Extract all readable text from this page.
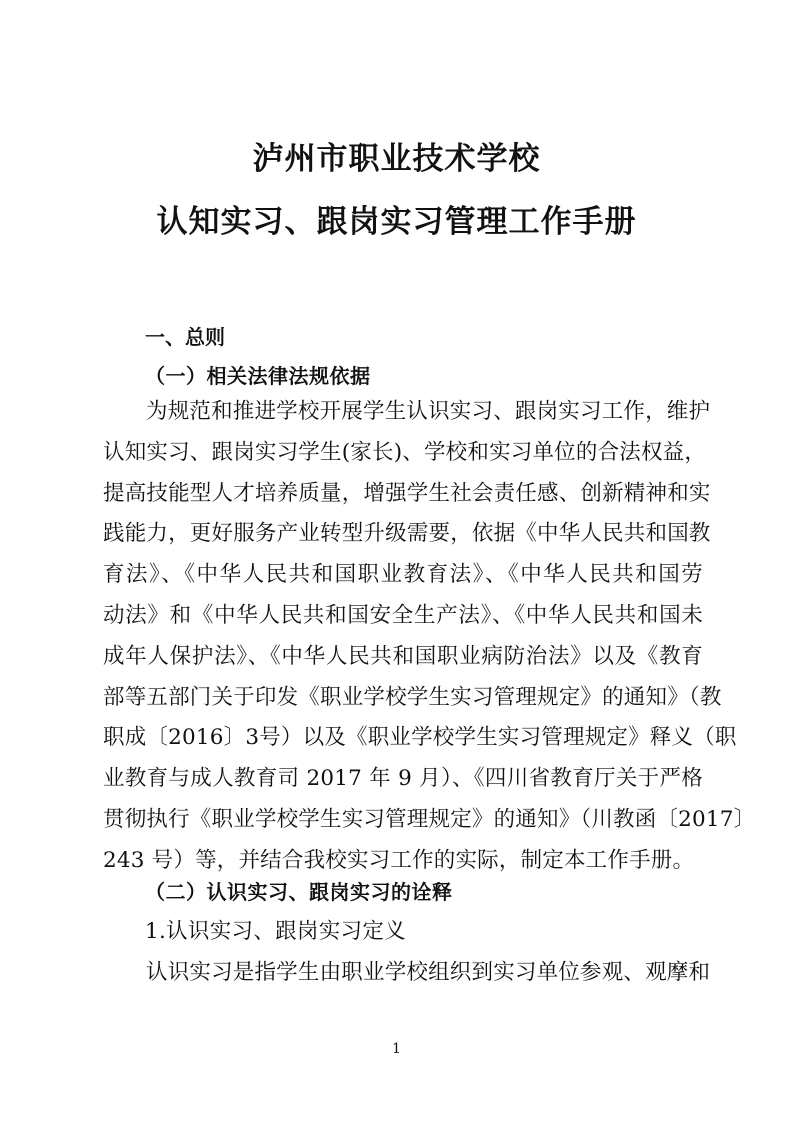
泸州市职业技术学校
认知实习、跟岗实习管理工作手册
一、总则
（一）相关法律法规依据
为规范和推进学校开展学生认识实习、跟岗实习工作，维护
认知实习、跟岗实习学生(家长)、学校和实习单位的合法权益，
提高技能型人才培养质量，增强学生社会责任感、创新精神和实
践能力，更好服务产业转型升级需要，依据《中华人民共和国教
育法》、《中华人民共和国职业教育法》、《中华人民共和国劳
动法》和《中华人民共和国安全生产法》、《中华人民共和国未
成年人保护法》、《中华人民共和国职业病防治法》以及《教育
部等五部门关于印发《职业学校学生实习管理规定》的通知》（教
职成〔2016〕3号）以及《职业学校学生实习管理规定》释义（职
业教育与成人教育司 2017 年 9 月）、《四川省教育厅关于严格
贯彻执行《职业学校学生实习管理规定》的通知》（川教函〔2017〕
243 号）等，并结合我校实习工作的实际，制定本工作手册。
（二）认识实习、跟岗实习的诠释
1.认识实习、跟岗实习定义
认识实习是指学生由职业学校组织到实习单位参观、观摩和
1
